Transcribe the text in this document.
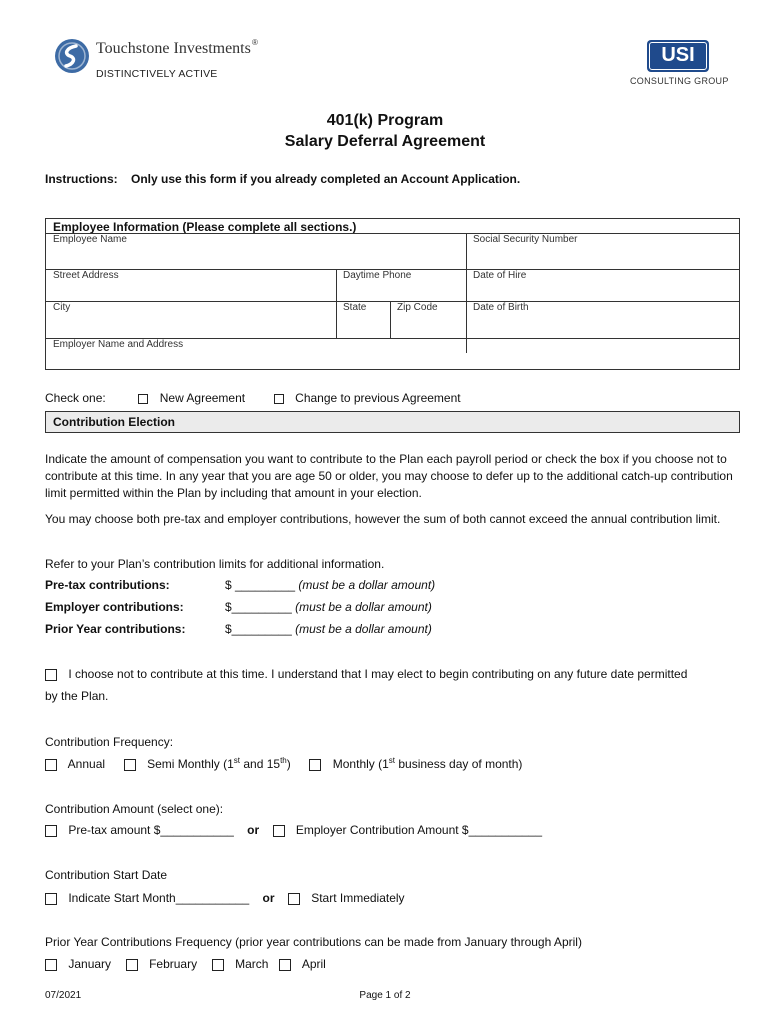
Touchstone Investments ®
DISTINCTIVELY ACTIVE
USI
CONSULTING GROUP
401(k) Program
Salary Deferral Agreement
Instructions: Only use this form if you already completed an Account Application.
Employee Information (Please complete all sections.)
Employee Name	Social Security Number
Street Address	Daytime Phone	Date of Hire
City	State	Zip Code	Date of Birth
Employer Name and Address
Check one:	New Agreement	Change to previous Agreement
Contribution Election

Indicate the amount of compensation you want to contribute to the Plan each payroll period or check the box if you choose not to contribute at this time. In any year that you are age 50 or older, you may choose to defer up to the additional catch-up contribution limit permitted within the Plan by including that amount in your election.

You may choose both pre-tax and employer contributions, however the sum of both cannot exceed the annual contribution limit.

Refer to your Plan’s contribution limits for additional information.

Pre-tax contributions:	$ _________ (must be a dollar amount)
Employer contributions:	$_________ (must be a dollar amount)
Prior Year contributions:	$_________ (must be a dollar amount)
I choose not to contribute at this time. I understand that I may elect to begin contributing on any future date permitted
by the Plan.
Contribution Frequency:
Annual	Semi Monthly (1st and 15th)	Monthly (1st business day of month)
Contribution Amount (select one):
Pre-tax amount $___________ or	Employer Contribution Amount $___________
Contribution Start Date
Indicate Start Month___________ or	Start Immediately
Prior Year Contributions Frequency (prior year contributions can be made from January through April)
January	February	March	April
07/2021	Page 1 of 2
